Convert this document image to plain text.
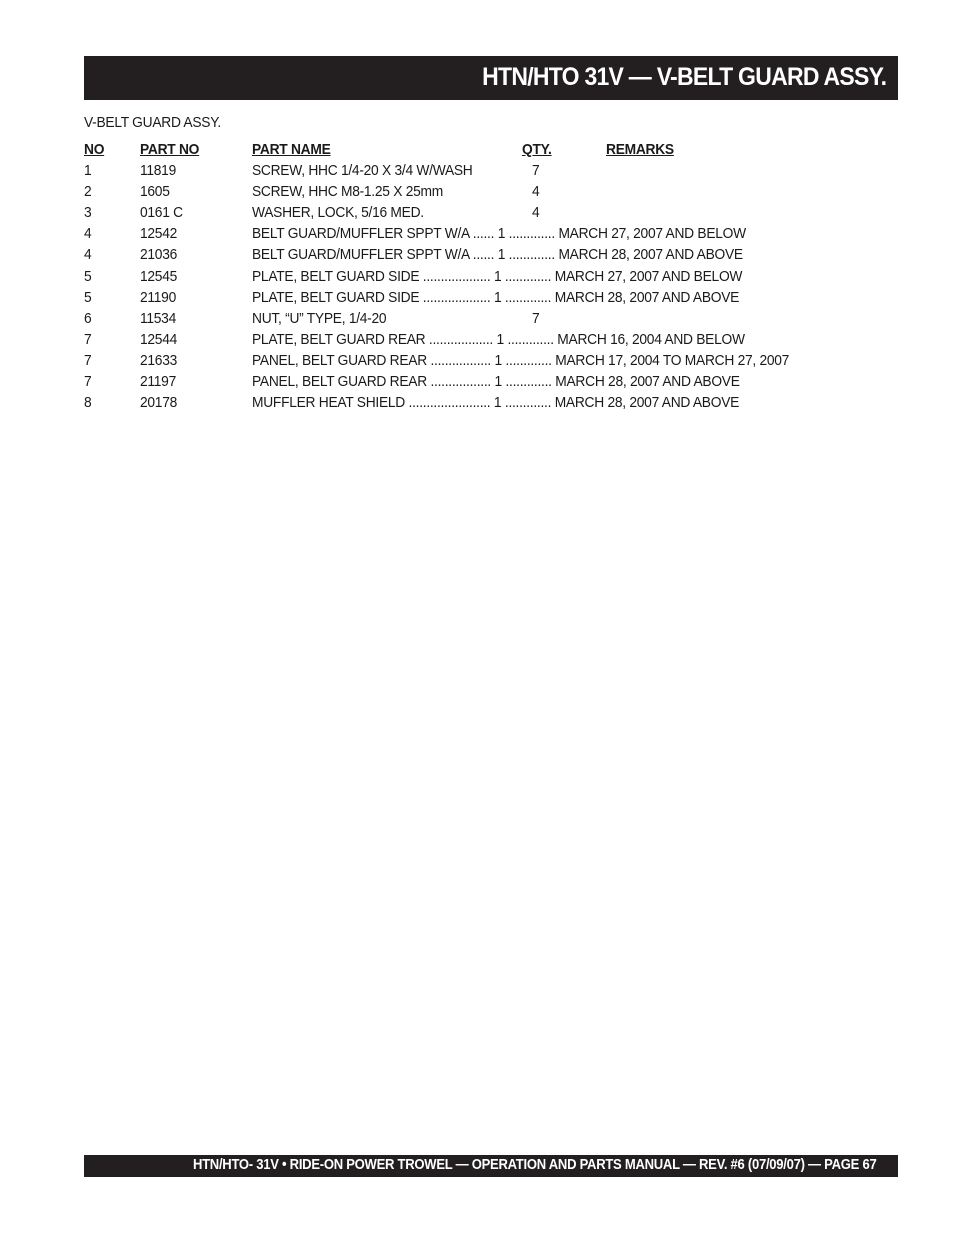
HTN/HTO 31V — V-BELT GUARD ASSY.
V-BELT GUARD ASSY.
NO PART NO	PART NAME	QTY.	REMARKS
1	11819	SCREW, HHC 1/4-20 X 3/4 W/WASH	7
2	1605	SCREW, HHC M8-1.25 X 25mm	4
3	0161 C	WASHER, LOCK, 5/16 MED.	4
4	12542	BELT GUARD/MUFFLER SPPT W/A ...... 1 ............. MARCH 27, 2007 AND BELOW
4	21036	BELT GUARD/MUFFLER SPPT W/A ...... 1 ............. MARCH 28, 2007 AND ABOVE
5	12545	PLATE, BELT GUARD SIDE ................... 1 ............. MARCH 27, 2007 AND BELOW
5	21190	PLATE, BELT GUARD SIDE ................... 1 ............. MARCH 28, 2007 AND ABOVE
6	11534	NUT, “U” TYPE, 1/4-20	7
7	12544	PLATE, BELT GUARD REAR .................. 1 ............. MARCH 16, 2004 AND BELOW
7	21633	PANEL, BELT GUARD REAR ................. 1 ............. MARCH 17, 2004 TO MARCH 27, 2007
7	21197	PANEL, BELT GUARD REAR ................. 1 ............. MARCH 28, 2007 AND ABOVE
8	20178	MUFFLER HEAT SHIELD ....................... 1 ............. MARCH 28, 2007 AND ABOVE
HTN/HTO- 31V • RIDE-ON POWER TROWEL — OPERATION AND PARTS MANUAL — REV. #6 (07/09/07) — PAGE 67
